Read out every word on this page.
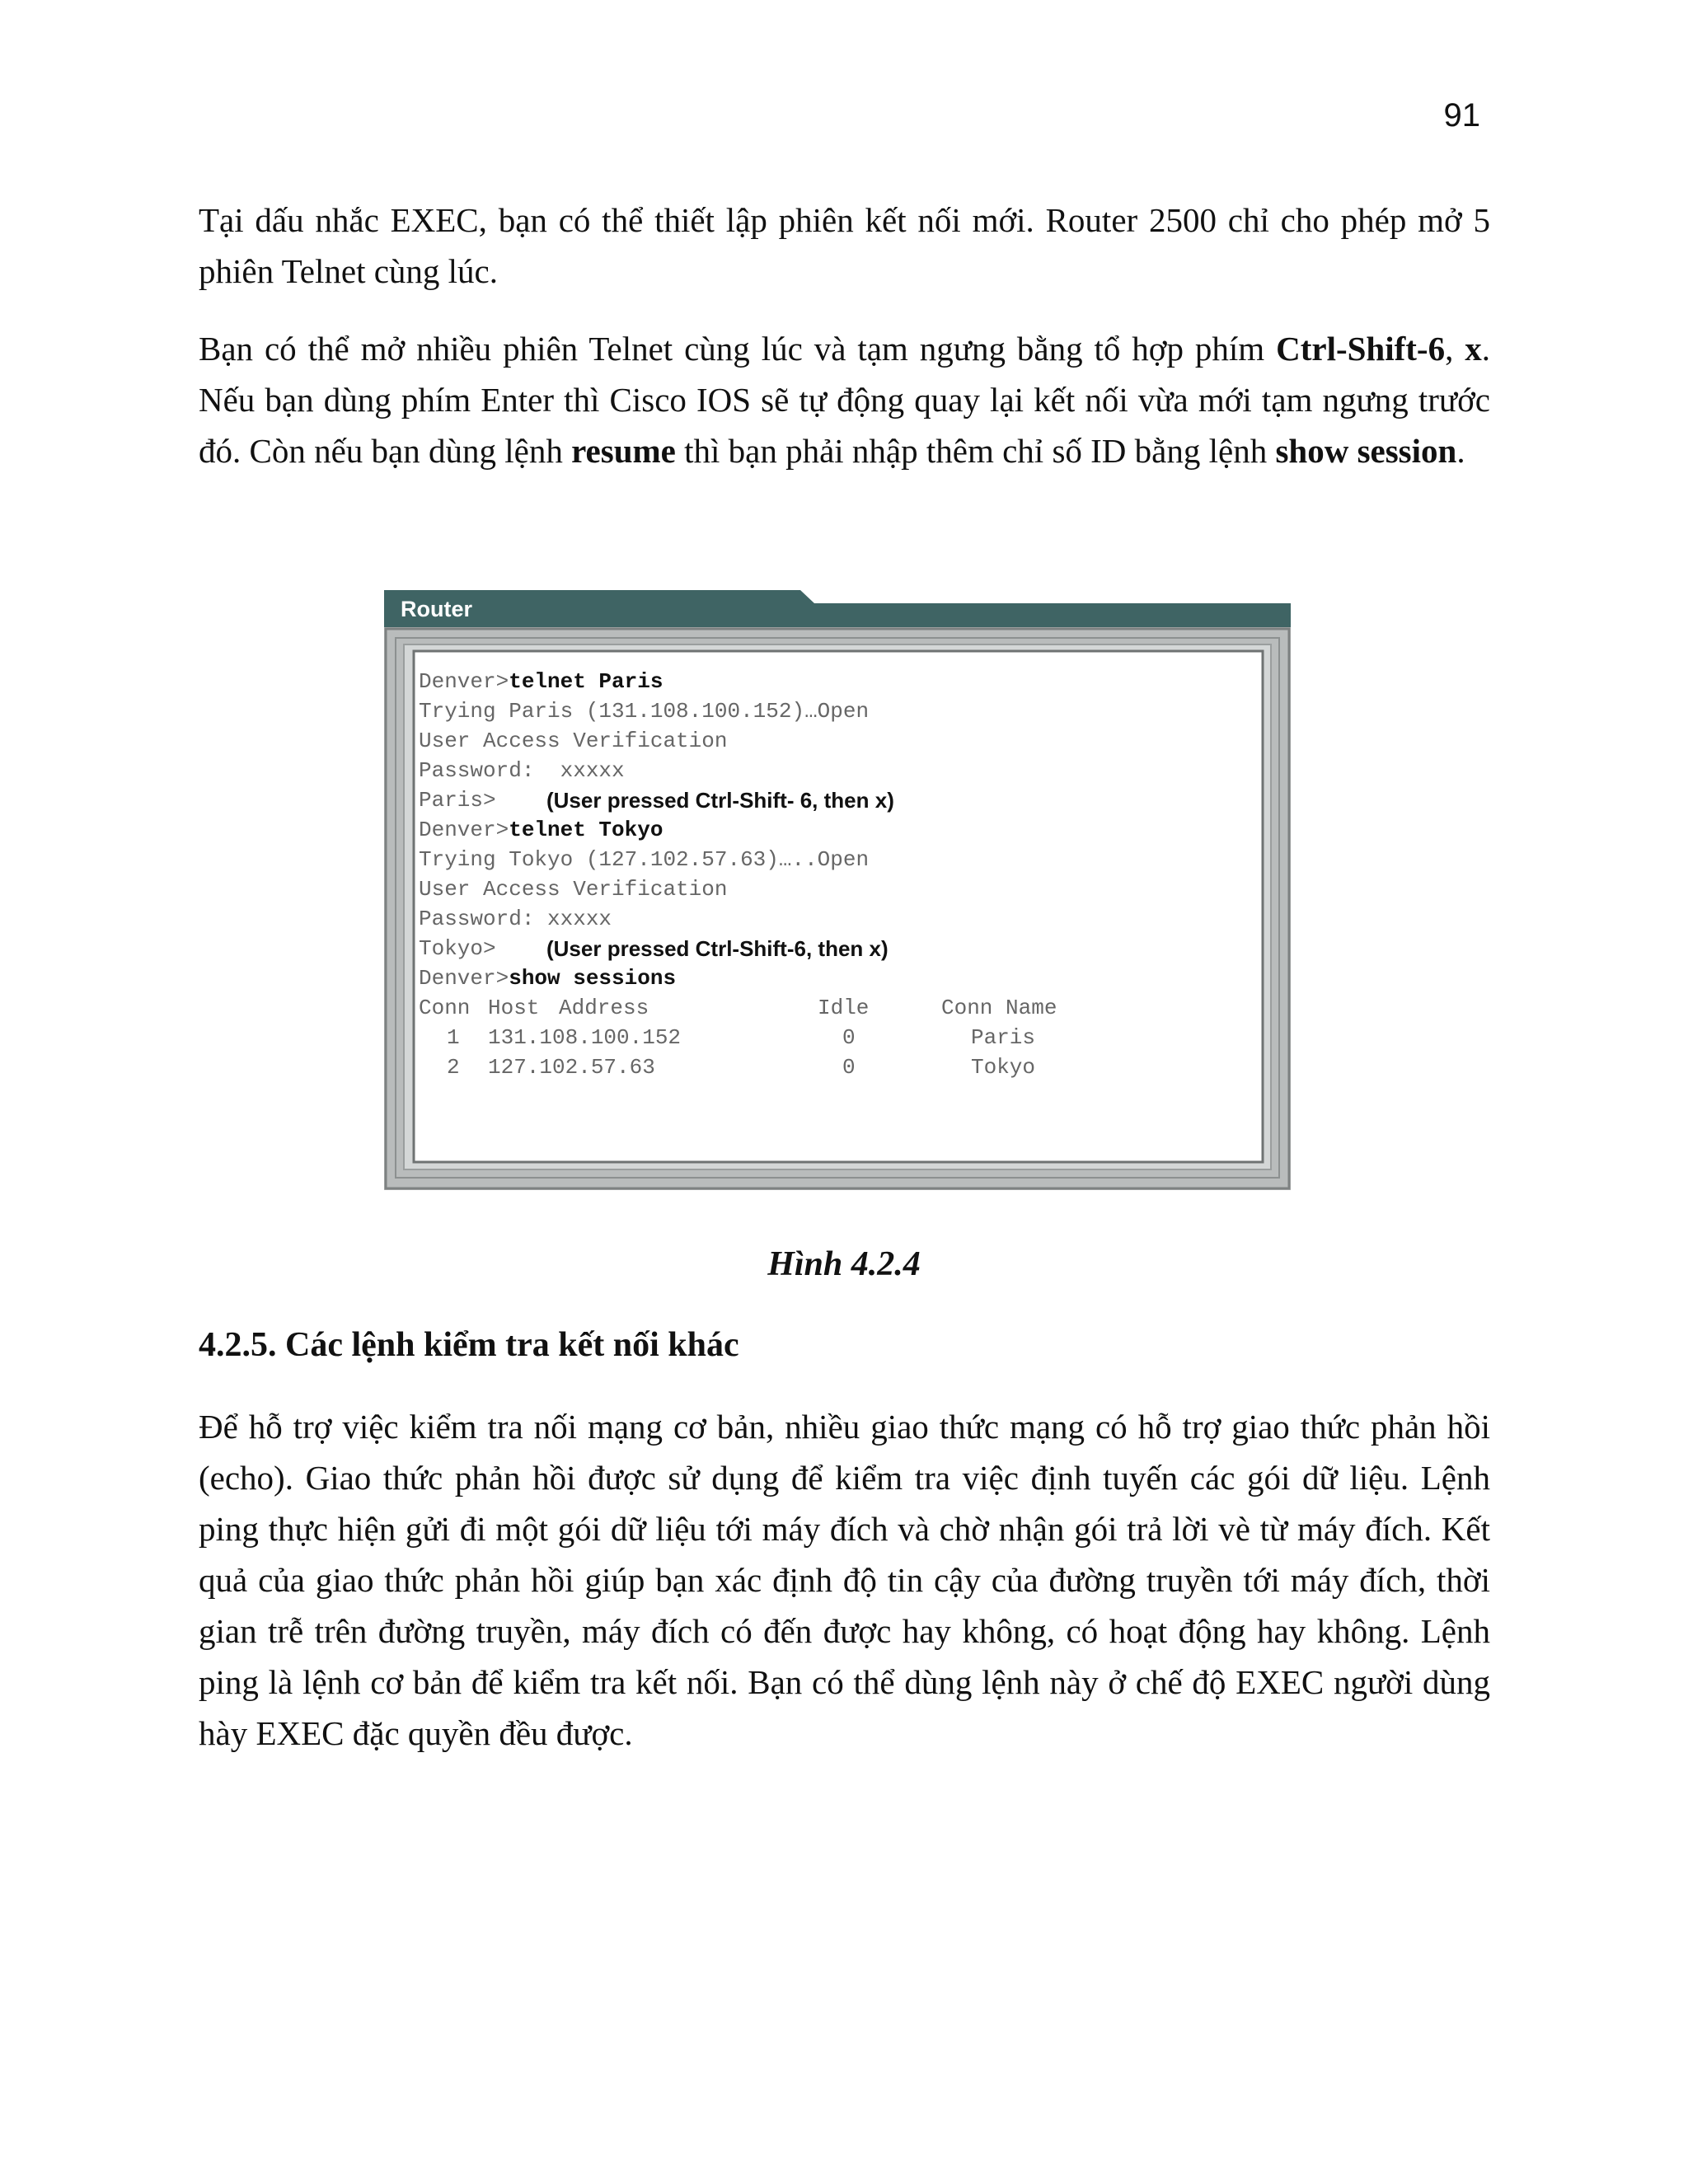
91

Tại dấu nhắc EXEC, bạn có thể thiết lập phiên kết nối mới. Router 2500 chỉ cho phép mở 5 phiên Telnet cùng lúc.

Bạn có thể mở nhiều phiên Telnet cùng lúc và tạm ngưng bằng tổ hợp phím Ctrl-Shift-6, x. Nếu bạn dùng phím Enter thì Cisco IOS sẽ tự động quay lại kết nối vừa mới tạm ngưng trước đó. Còn nếu bạn dùng lệnh resume thì bạn phải nhập thêm chỉ số ID bằng lệnh show session.

Router
Denver>telnet Paris
Trying Paris (131.108.100.152)…Open
User Access Verification
Password:  xxxxx
Paris> (User pressed Ctrl-Shift- 6, then x)
Denver>telnet Tokyo
Trying Tokyo (127.102.57.63)…..Open
User Access Verification
Password: xxxxx
Tokyo> (User pressed Ctrl-Shift-6, then x)
Denver>show sessions
Conn Host Address	Idle	Conn Name
1 131.108.100.152	0	Paris
2 127.102.57.63	0	Tokyo
Hình 4.2.4
4.2.5. Các lệnh kiểm tra kết nối khác

Để hỗ trợ việc kiểm tra nối mạng cơ bản, nhiều giao thức mạng có hỗ trợ giao thức phản hồi (echo). Giao thức phản hồi được sử dụng để kiểm tra việc định tuyến các gói dữ liệu. Lệnh ping thực hiện gửi đi một gói dữ liệu tới máy đích và chờ nhận gói trả lời vè từ máy đích. Kết quả của giao thức phản hồi giúp bạn xác định độ tin cậy của đường truyền tới máy đích, thời gian trễ trên đường truyền, máy đích có đến được hay không, có hoạt động hay không. Lệnh ping là lệnh cơ bản để kiểm tra kết nối. Bạn có thể dùng lệnh này ở chế độ EXEC người dùng hày EXEC đặc quyền đều được.
